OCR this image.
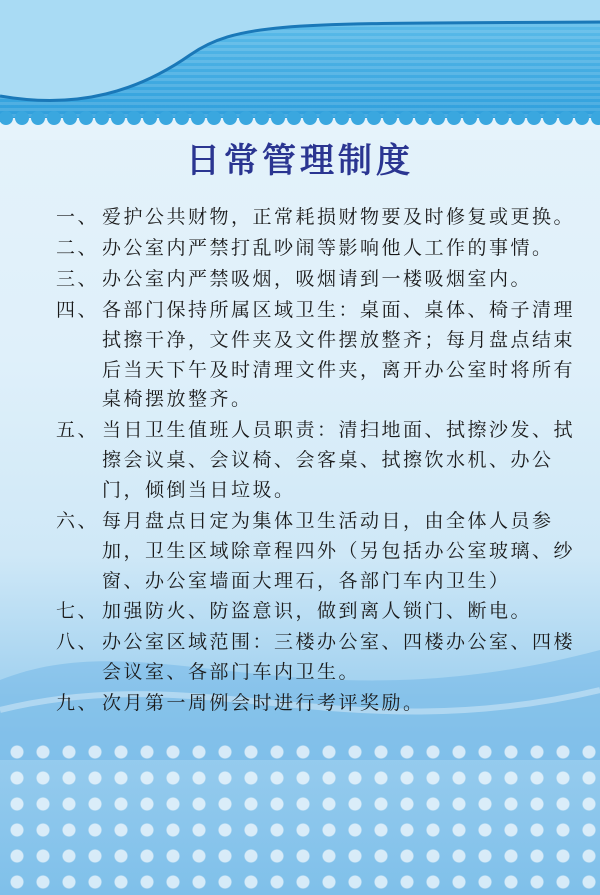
日常管理制度
一、 爱护公共财物，正常耗损财物要及时修复或更换。
二、 办公室内严禁打乱吵闹等影响他人工作的事情。
三、 办公室内严禁吸烟，吸烟请到一楼吸烟室内。
四、 各部门保持所属区域卫生：桌面、桌体、椅子清理拭擦干净，文件夹及文件摆放整齐；每月盘点结束后当天下午及时清理文件夹，离开办公室时将所有桌椅摆放整齐。
五、 当日卫生值班人员职责：清扫地面、拭擦沙发、拭擦会议桌、会议椅、会客桌、拭擦饮水机、办公门，倾倒当日垃圾。
六、 每月盘点日定为集体卫生活动日，由全体人员参加，卫生区域除章程四外（另包括办公室玻璃、纱窗、办公室墙面大理石，各部门车内卫生）
七、 加强防火、防盗意识，做到离人锁门、断电。
八、 办公室区域范围：三楼办公室、四楼办公室、四楼会议室、各部门车内卫生。
九、 次月第一周例会时进行考评奖励。
